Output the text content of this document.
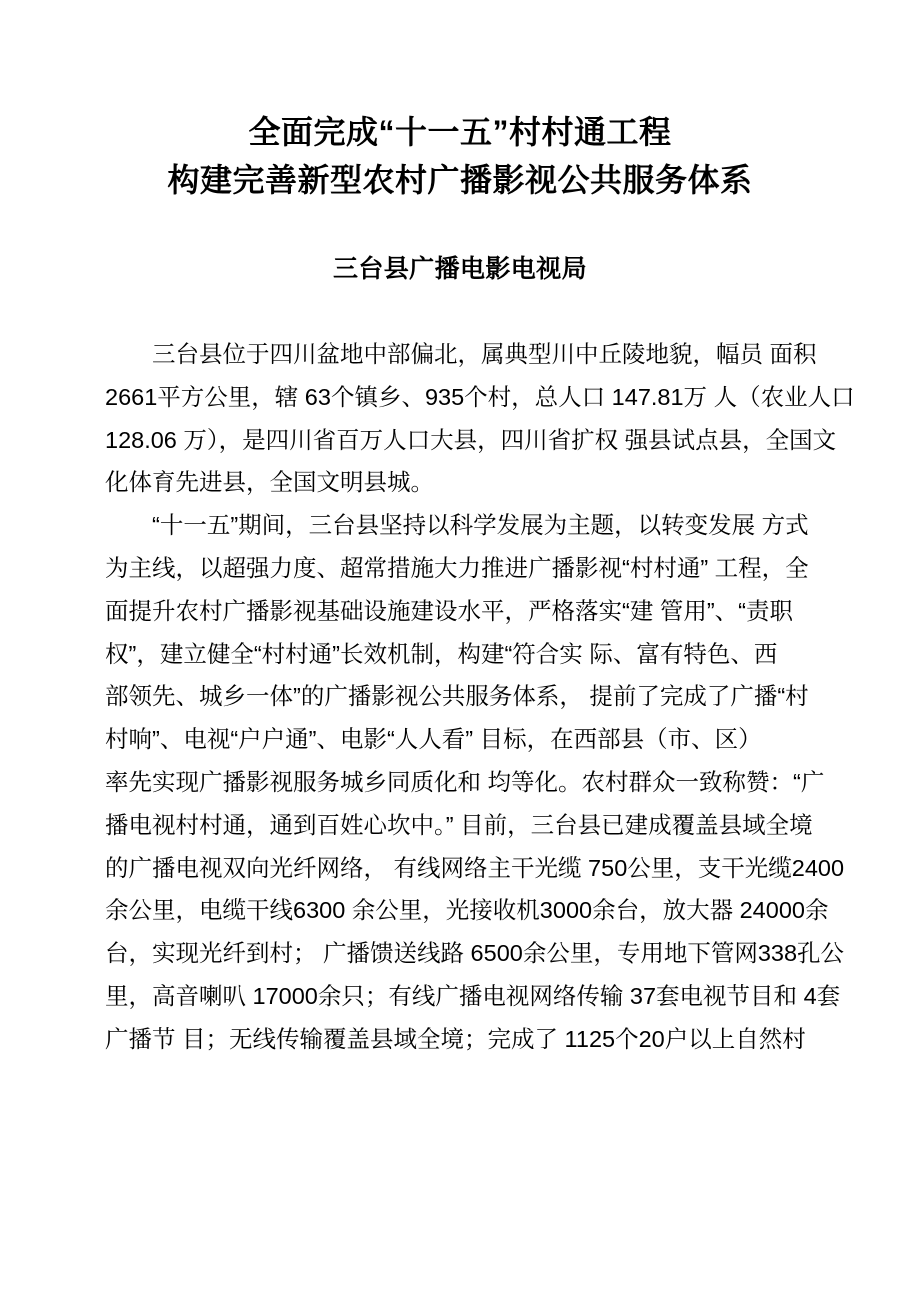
全面完成“十一五”村村通工程
构建完善新型农村广播影视公共服务体系
三台县广播电影电视局
三台县位于四川盆地中部偏北，属典型川中丘陵地貌，幅员 面积
2661平方公里，辖 63个镇乡、935个村，总人口 147.81万 人（农业人口
128.06 万），是四川省百万人口大县，四川省扩权 强县试点县，全国文
化体育先进县，全国文明县城。
“十一五”期间，三台县坚持以科学发展为主题，以转变发展 方式
为主线，以超强力度、超常措施大力推进广播影视“村村通” 工程，全
面提升农村广播影视基础设施建设水平，严格落实“建 管用”、“责职
权”，建立健全“村村通”长效机制，构建“符合实 际、富有特色、西
部领先、城乡一体”的广播影视公共服务体系， 提前了完成了广播“村
村响”、电视“户户通”、电影“人人看” 目标，在西部县（市、区）
率先实现广播影视服务城乡同质化和 均等化。农村群众一致称赞：“广
播电视村村通，通到百姓心坎中。” 目前，三台县已建成覆盖县域全境
的广播电视双向光纤网络， 有线网络主干光缆 750公里，支干光缆2400
余公里，电缆干线6300 余公里，光接收机3000余台，放大器 24000余
台，实现光纤到村； 广播馈送线路 6500余公里，专用地下管网338孔公
里，高音喇叭 17000余只；有线广播电视网络传输 37套电视节目和 4套
广播节 目；无线传输覆盖县域全境；完成了 1125个20户以上自然村
